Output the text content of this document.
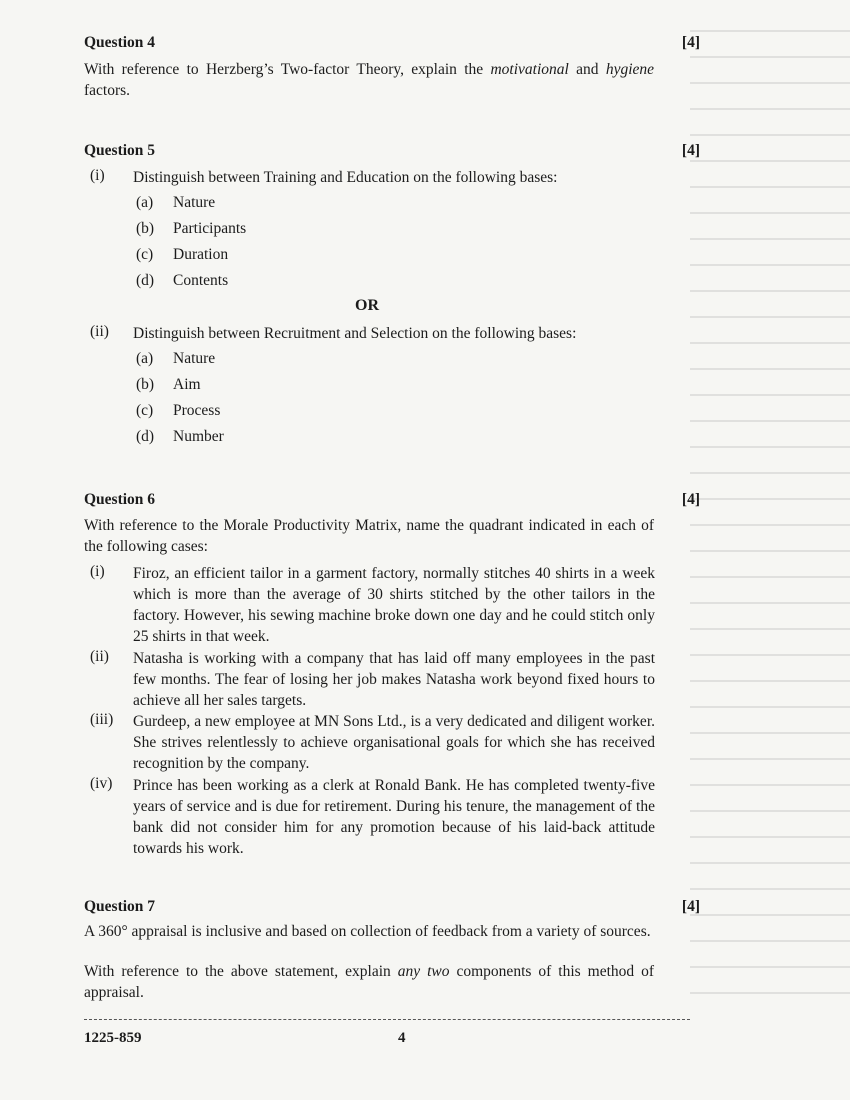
Question 4	[4]
With reference to Herzberg’s Two-factor Theory, explain the motivational and hygiene factors.
Question 5	[4]
(i) Distinguish between Training and Education on the following bases:
(a) Nature
(b) Participants
(c) Duration
(d) Contents
OR
(ii) Distinguish between Recruitment and Selection on the following bases:
(a) Nature
(b) Aim
(c) Process
(d) Number
Question 6	[4]
With reference to the Morale Productivity Matrix, name the quadrant indicated in each of the following cases:
(i) Firoz, an efficient tailor in a garment factory, normally stitches 40 shirts in a week which is more than the average of 30 shirts stitched by the other tailors in the factory. However, his sewing machine broke down one day and he could stitch only 25 shirts in that week.
(ii) Natasha is working with a company that has laid off many employees in the past few months. The fear of losing her job makes Natasha work beyond fixed hours to achieve all her sales targets.
(iii) Gurdeep, a new employee at MN Sons Ltd., is a very dedicated and diligent worker. She strives relentlessly to achieve organisational goals for which she has received recognition by the company.
(iv) Prince has been working as a clerk at Ronald Bank. He has completed twenty-five years of service and is due for retirement. During his tenure, the management of the bank did not consider him for any promotion because of his laid-back attitude towards his work.
Question 7	[4]
A 360° appraisal is inclusive and based on collection of feedback from a variety of sources.
With reference to the above statement, explain any two components of this method of appraisal.
1225-859	4
